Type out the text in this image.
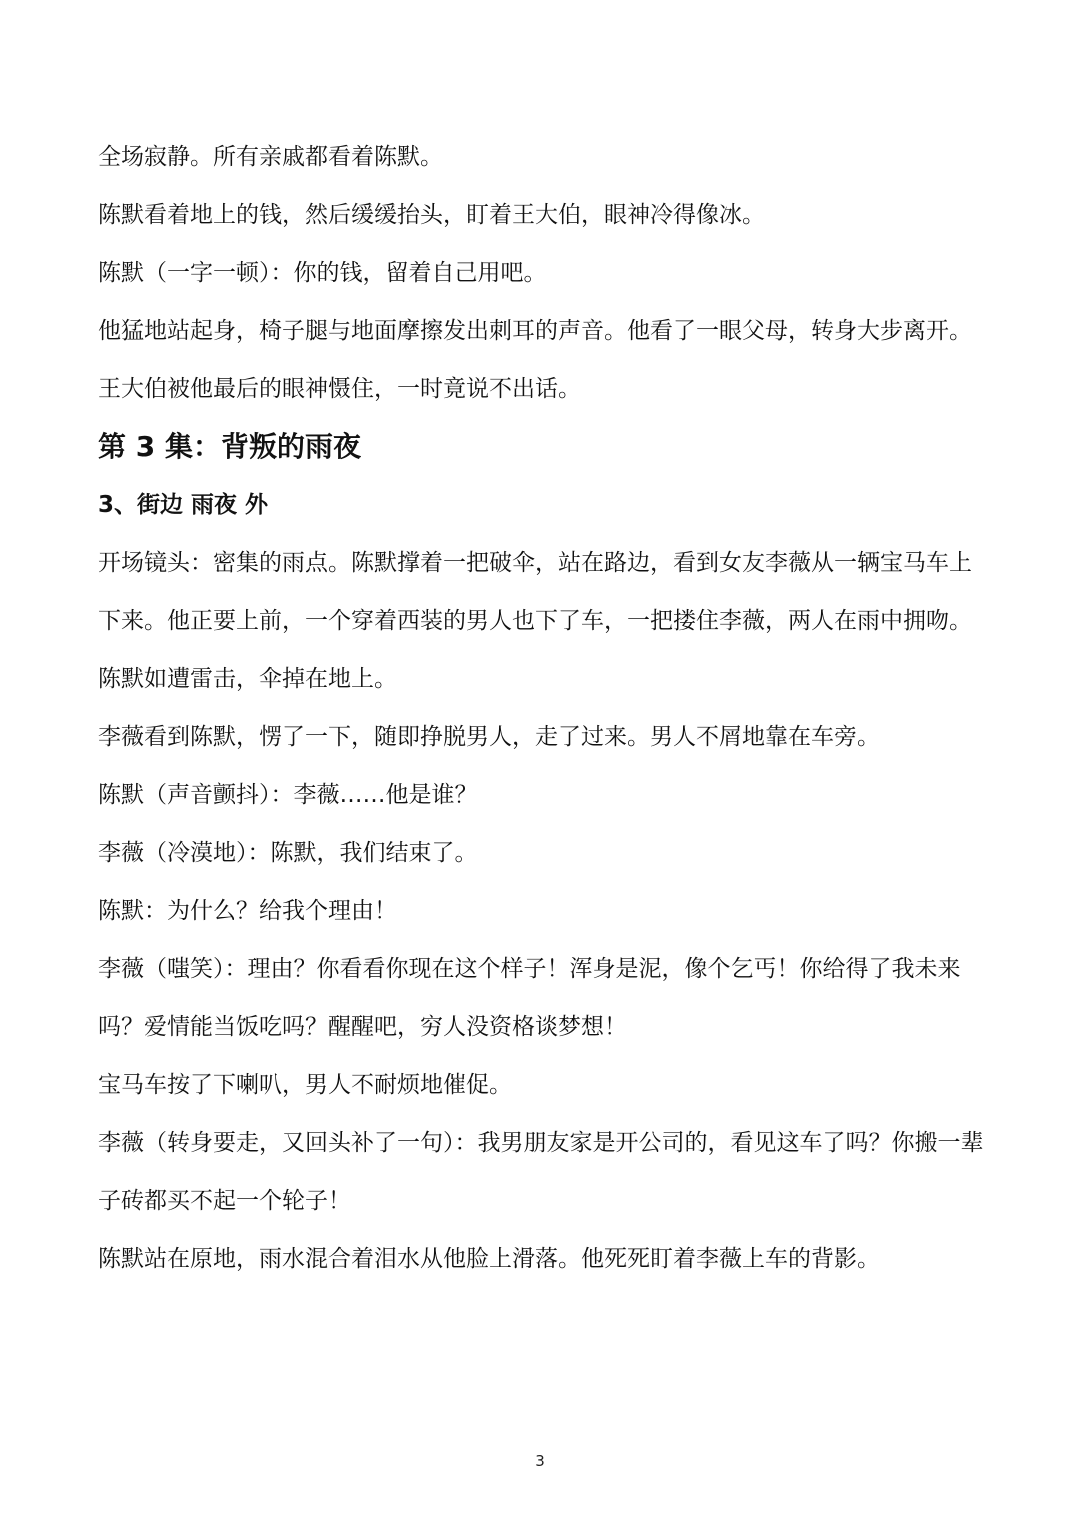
全场寂静。所有亲戚都看着陈默。

陈默看着地上的钱，然后缓缓抬头，盯着王大伯，眼神冷得像冰。

陈默（一字一顿）：你的钱，留着自己用吧。

他猛地站起身，椅子腿与地面摩擦发出刺耳的声音。他看了一眼父母，转身大步离开。

王大伯被他最后的眼神慑住，一时竟说不出话。

第 3 集：背叛的雨夜
3、街边 雨夜 外

开场镜头：密集的雨点。陈默撑着一把破伞，站在路边，看到女友李薇从一辆宝马车上下来。他正要上前，一个穿着西装的男人也下了车，一把搂住李薇，两人在雨中拥吻。

陈默如遭雷击，伞掉在地上。

李薇看到陈默，愣了一下，随即挣脱男人，走了过来。男人不屑地靠在车旁。

陈默（声音颤抖）：李薇……他是谁？

李薇（冷漠地）：陈默，我们结束了。

陈默：为什么？给我个理由！

李薇（嗤笑）：理由？你看看你现在这个样子！浑身是泥，像个乞丐！你给得了我未来吗？爱情能当饭吃吗？醒醒吧，穷人没资格谈梦想！

宝马车按了下喇叭，男人不耐烦地催促。

李薇（转身要走，又回头补了一句）：我男朋友家是开公司的，看见这车了吗？你搬一辈子砖都买不起一个轮子！

陈默站在原地，雨水混合着泪水从他脸上滑落。他死死盯着李薇上车的背影。

3
